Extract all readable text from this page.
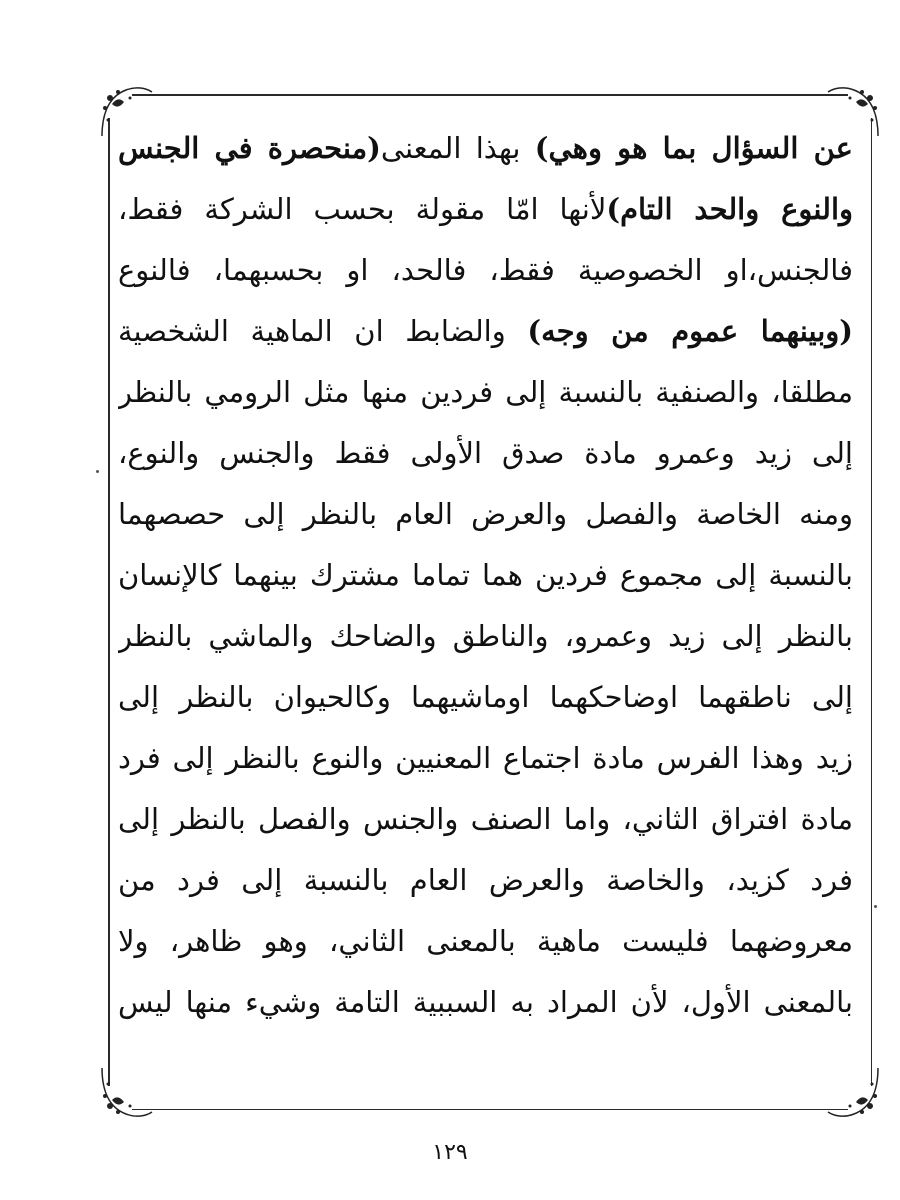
عن السؤال بما هو وهي) بهذا المعنى(منحصرة في الجنس
والنوع والحد التام)لأنها امّا مقولة بحسب الشركة فقط،
فالجنس،او الخصوصية فقط، فالحد، او بحسبهما، فالنوع
(وبينهما عموم من وجه) والضابط ان الماهية الشخصية
مطلقا، والصنفية بالنسبة إلى فردين منها مثل الرومي بالنظر
إلى زيد وعمرو مادة صدق الأولى فقط والجنس والنوع،
ومنه الخاصة والفصل والعرض العام بالنظر إلى حصصهما
بالنسبة إلى مجموع فردين هما تماما مشترك بينهما كالإنسان
بالنظر إلى زيد وعمرو، والناطق والضاحك والماشي بالنظر
إلى ناطقهما اوضاحكهما اوماشيهما وكالحيوان بالنظر إلى
زيد وهذا الفرس مادة اجتماع المعنيين والنوع بالنظر إلى فرد
مادة افتراق الثاني، واما الصنف والجنس والفصل بالنظر إلى
فرد كزيد، والخاصة والعرض العام بالنسبة إلى فرد من
معروضهما فليست ماهية بالمعنى الثاني، وهو ظاهر، ولا
بالمعنى الأول، لأن المراد به السببية التامة وشيء منها ليس
١٢٩
